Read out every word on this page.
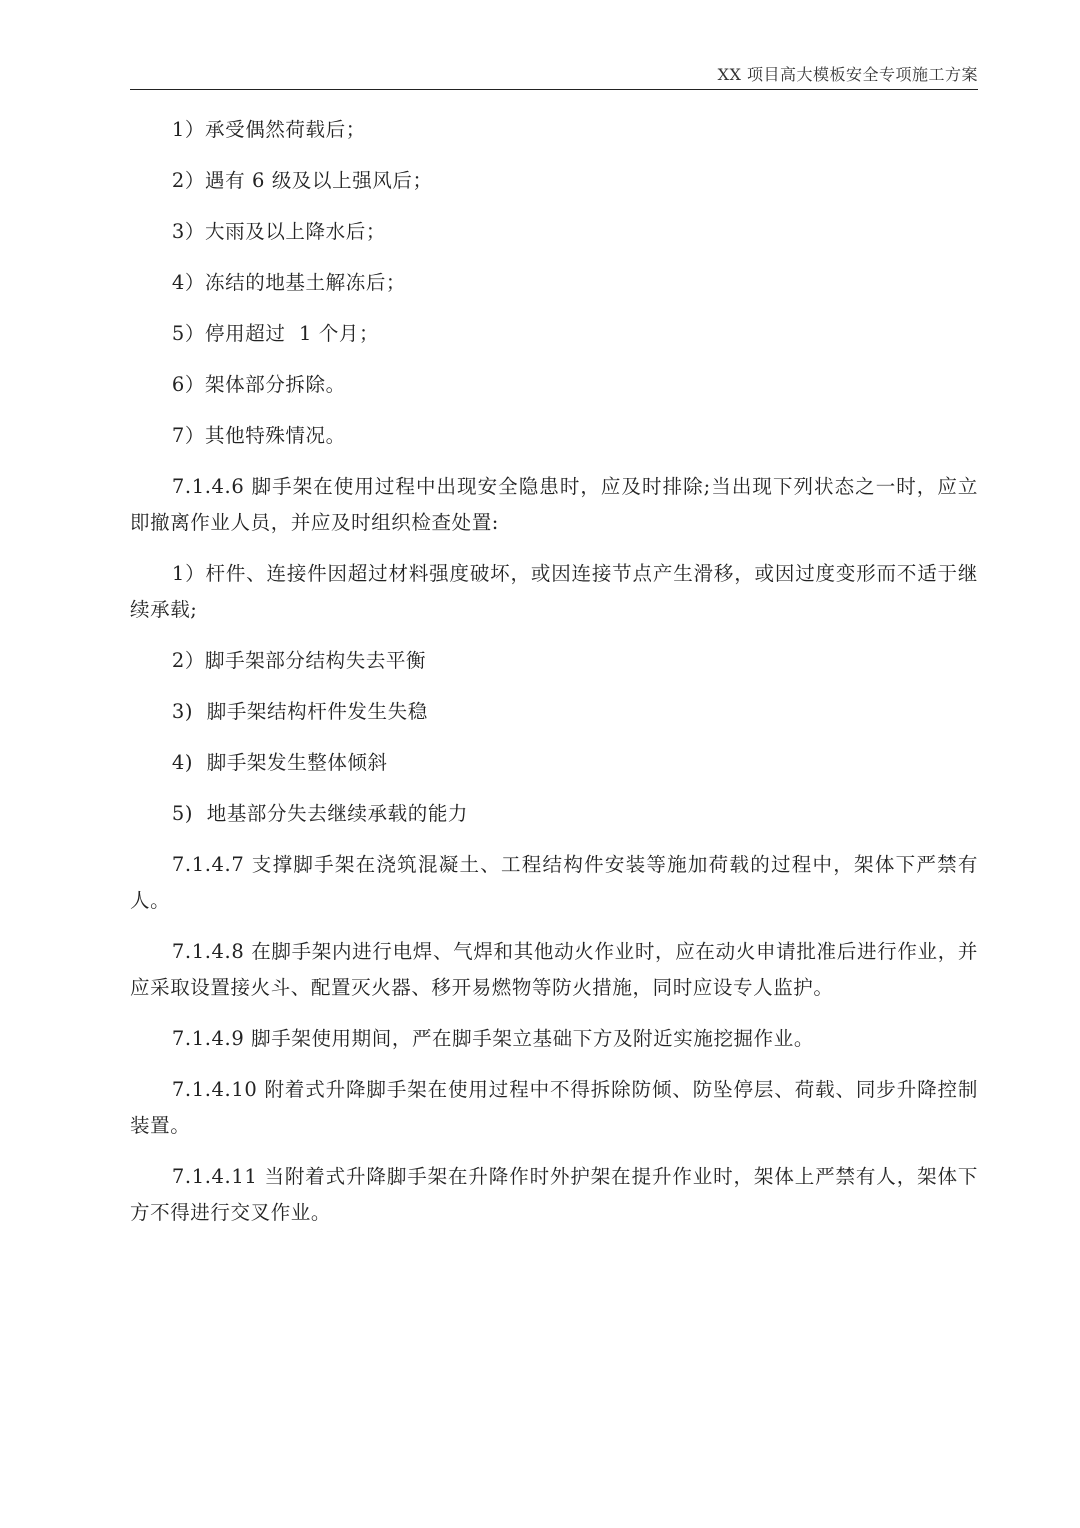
XX 项目高大模板安全专项施工方案

1）承受偶然荷载后；

2）遇有 6 级及以上强风后；

3）大雨及以上降水后；

4）冻结的地基土解冻后；

5）停用超过  1 个月；

6）架体部分拆除。

7）其他特殊情况。

7.1.4.6 脚手架在使用过程中出现安全隐患时，应及时排除;当出现下列状态之一时，应立即撤离作业人员，并应及时组织检查处置:

1）杆件、连接件因超过材料强度破坏，或因连接节点产生滑移，或因过度变形而不适于继续承载;

2）脚手架部分结构失去平衡

3)  脚手架结构杆件发生失稳

4)  脚手架发生整体倾斜

5)  地基部分失去继续承载的能力

7.1.4.7 支撑脚手架在浇筑混凝土、工程结构件安装等施加荷载的过程中，架体下严禁有人。

7.1.4.8 在脚手架内进行电焊、气焊和其他动火作业时，应在动火申请批准后进行作业，并应采取设置接火斗、配置灭火器、移开易燃物等防火措施，同时应设专人监护。

7.1.4.9 脚手架使用期间，严在脚手架立基础下方及附近实施挖掘作业。

7.1.4.10 附着式升降脚手架在使用过程中不得拆除防倾、防坠停层、荷载、同步升降控制装置。

7.1.4.11 当附着式升降脚手架在升降作时外护架在提升作业时，架体上严禁有人，架体下方不得进行交叉作业。
